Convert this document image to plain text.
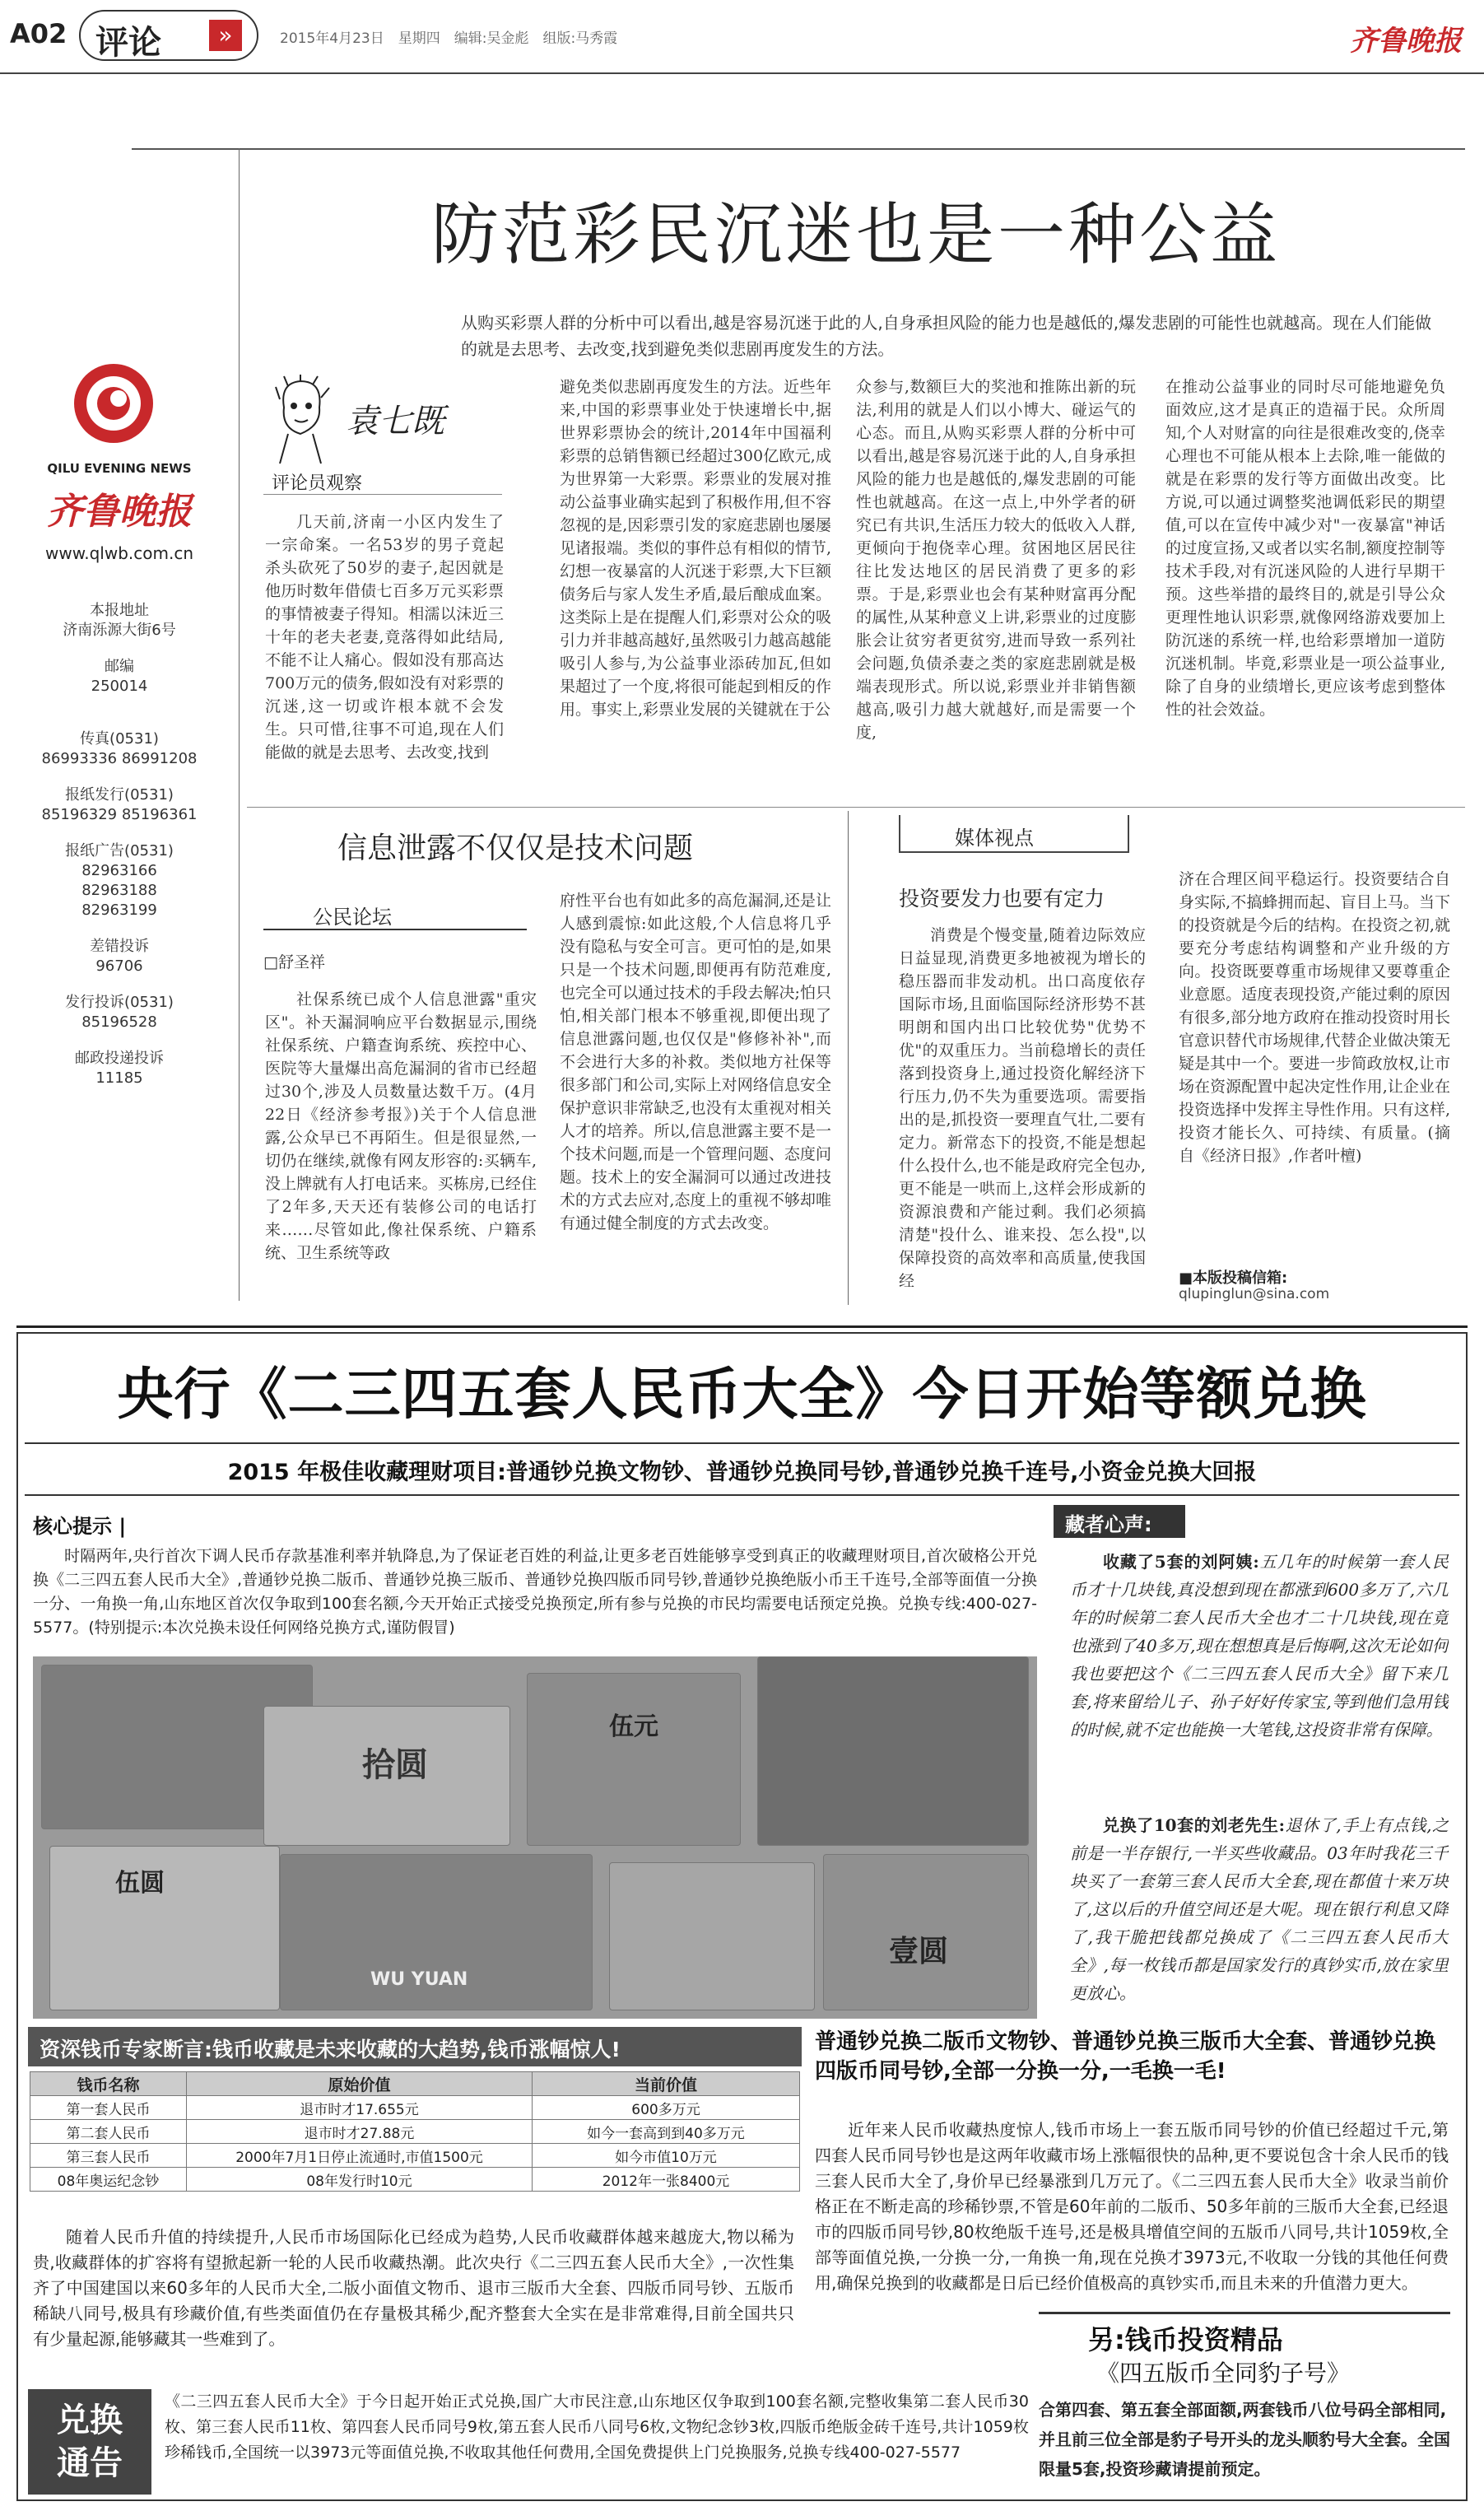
A02 评论	»	2015年4月23日　星期四　编辑:吴金彪　组版:马秀霞	齐鲁晚报
QILU EVENING NEWS
齐鲁晚报
www.qlwb.com.cn
本报地址
济南泺源大街6号
邮编
250014
传真(0531)
86993336 86991208
报纸发行(0531)
85196329 85196361
报纸广告(0531)
82963166 82963188 82963199
差错投诉
96706
发行投诉(0531)
85196528
邮政投递投诉
11185
防范彩民沉迷也是一种公益
从购买彩票人群的分析中可以看出,越是容易沉迷于此的人,自身承担风险的能力也是越低的,爆发悲剧的可能性也就越高。现在人们能做的就是去思考、去改变,找到避免类似悲剧再度发生的方法。
袁七既
评论员观察
几天前,济南一小区内发生了一宗命案。一名53岁的男子竟起杀头砍死了50岁的妻子,起因就是他历时数年借债七百多万元买彩票的事情被妻子得知。相濡以沫近三十年的老夫老妻,竟落得如此结局,不能不让人痛心。假如没有那高达700万元的债务,假如没有对彩票的沉迷,这一切或许根本就不会发生。只可惜,往事不可追,现在人们能做的就是去思考、去改变,找到
避免类似悲剧再度发生的方法。近些年来,中国的彩票事业处于快速增长中,据世界彩票协会的统计,2014年中国福利彩票的总销售额已经超过300亿欧元,成为世界第一大彩票。彩票业的发展对推动公益事业确实起到了积极作用,但不容忽视的是,因彩票引发的家庭悲剧也屡屡见诸报端。类似的事件总有相似的情节,幻想一夜暴富的人沉迷于彩票,大下巨额债务后与家人发生矛盾,最后酿成血案。这类际上是在提醒人们,彩票对公众的吸引力并非越高越好,虽然吸引力越高越能吸引人参与,为公益事业添砖加瓦,但如果超过了一个度,将很可能起到相反的作用。事实上,彩票业发展的关键就在于公
众参与,数额巨大的奖池和推陈出新的玩法,利用的就是人们以小博大、碰运气的心态。而且,从购买彩票人群的分析中可以看出,越是容易沉迷于此的人,自身承担风险的能力也是越低的,爆发悲剧的可能性也就越高。在这一点上,中外学者的研究已有共识,生活压力较大的低收入人群,更倾向于抱侥幸心理。贫困地区居民往往比发达地区的居民消费了更多的彩票。于是,彩票业也会有某种财富再分配的属性,从某种意义上讲,彩票业的过度膨胀会让贫穷者更贫穷,进而导致一系列社会问题,负债杀妻之类的家庭悲剧就是极端表现形式。所以说,彩票业并非销售额越高,吸引力越大就越好,而是需要一个度,
在推动公益事业的同时尽可能地避免负面效应,这才是真正的造福于民。众所周知,个人对财富的向往是很难改变的,侥幸心理也不可能从根本上去除,唯一能做的就是在彩票的发行等方面做出改变。比方说,可以通过调整奖池调低彩民的期望值,可以在宣传中减少对"一夜暴富"神话的过度宣扬,又或者以实名制,额度控制等技术手段,对有沉迷风险的人进行早期干预。这些举措的最终目的,就是引导公众更理性地认识彩票,就像网络游戏要加上防沉迷的系统一样,也给彩票增加一道防沉迷机制。毕竟,彩票业是一项公益事业,除了自身的业绩增长,更应该考虑到整体性的社会效益。
信息泄露不仅仅是技术问题
公民论坛
□舒圣祥
社保系统已成个人信息泄露"重灾区"。补天漏洞响应平台数据显示,围绕社保系统、户籍查询系统、疾控中心、医院等大量爆出高危漏洞的省市已经超过30个,涉及人员数量达数千万。(4月22日《经济参考报》)关于个人信息泄露,公众早已不再陌生。但是很显然,一切仍在继续,就像有网友形容的:买辆车,没上牌就有人打电话来。买栋房,已经住了2年多,天天还有装修公司的电话打来……尽管如此,像社保系统、户籍系统、卫生系统等政
府性平台也有如此多的高危漏洞,还是让人感到震惊:如此这般,个人信息将几乎没有隐私与安全可言。更可怕的是,如果只是一个技术问题,即便再有防范难度,也完全可以通过技术的手段去解决;怕只怕,相关部门根本不够重视,即便出现了信息泄露问题,也仅仅是"修修补补",而不会进行大多的补救。类似地方社保等很多部门和公司,实际上对网络信息安全保护意识非常缺乏,也没有太重视对相关人才的培养。所以,信息泄露主要不是一个技术问题,而是一个管理问题、态度问题。技术上的安全漏洞可以通过改进技术的方式去应对,态度上的重视不够却唯有通过健全制度的方式去改变。
媒体视点
投资要发力也要有定力
消费是个慢变量,随着边际效应日益显现,消费更多地被视为增长的稳压器而非发动机。出口高度依存国际市场,且面临国际经济形势不甚明朗和国内出口比较优势"优势不优"的双重压力。当前稳增长的责任落到投资身上,通过投资化解经济下行压力,仍不失为重要选项。需要指出的是,抓投资一要理直气壮,二要有定力。新常态下的投资,不能是想起什么投什么,也不能是政府完全包办,更不能是一哄而上,这样会形成新的资源浪费和产能过剩。我们必须搞清楚"投什么、谁来投、怎么投",以保障投资的高效率和高质量,使我国经
济在合理区间平稳运行。投资要结合自身实际,不搞蜂拥而起、盲目上马。当下的投资就是今后的结构。在投资之初,就要充分考虑结构调整和产业升级的方向。投资既要尊重市场规律又要尊重企业意愿。适度表现投资,产能过剩的原因有很多,部分地方政府在推动投资时用长官意识替代市场规律,代替企业做决策无疑是其中一个。要进一步简政放权,让市场在资源配置中起决定性作用,让企业在投资选择中发挥主导性作用。只有这样,投资才能长久、可持续、有质量。(摘自《经济日报》,作者叶檀)
■本版投稿信箱:
qlupinglun@sina.com
央行《二三四五套人民币大全》今日开始等额兑换
2015 年极佳收藏理财项目:普通钞兑换文物钞、普通钞兑换同号钞,普通钞兑换千连号,小资金兑换大回报
核心提示 |
时隔两年,央行首次下调人民币存款基准利率并轨降息,为了保证老百姓的利益,让更多老百姓能够享受到真正的收藏理财项目,首次破格公开兑换《二三四五套人民币大全》,普通钞兑换二版币、普通钞兑换三版币、普通钞兑换四版币同号钞,普通钞兑换绝版小币王千连号,全部等面值一分换一分、一角换一角,山东地区首次仅争取到100套名额,今天开始正式接受兑换预定,所有参与兑换的市民均需要电话预定兑换。兑换专线:400-027-5577。(特别提示:本次兑换未设任何网络兑换方式,谨防假冒)
拾圆
伍元
伍圆
WU YUAN
壹圆
藏者心声:
收藏了5套的刘阿姨:五几年的时候第一套人民币才十几块钱,真没想到现在都涨到600多万了,六几年的时候第二套人民币大全也才二十几块钱,现在竟也涨到了40多万,现在想想真是后悔啊,这次无论如何我也要把这个《二三四五套人民币大全》留下来几套,将来留给儿子、孙子好好传家宝,等到他们急用钱的时候,就不定也能换一大笔钱,这投资非常有保障。
兑换了10套的刘老先生:退休了,手上有点钱,之前是一半存银行,一半买些收藏品。03年时我花三千块买了一套第三套人民币大全套,现在都值十来万块了,这以后的升值空间还是大呢。现在银行利息又降了,我干脆把钱都兑换成了《二三四五套人民币大全》,每一枚钱币都是国家发行的真钞实币,放在家里更放心。
资深钱币专家断言:钱币收藏是未来收藏的大趋势,钱币涨幅惊人!
钱币名称	原始价值	当前价值
第一套人民币	退市时才17.655元	600多万元
第二套人民币	退市时才27.88元	如今一套高到到40多万元
第三套人民币	2000年7月1日停止流通时,市值1500元	如今市值10万元
08年奥运纪念钞	08年发行时10元	2012年一张8400元
随着人民币升值的持续提升,人民币市场国际化已经成为趋势,人民币收藏群体越来越庞大,物以稀为贵,收藏群体的扩容将有望掀起新一轮的人民币收藏热潮。此次央行《二三四五套人民币大全》,一次性集齐了中国建国以来60多年的人民币大全,二版小面值文物币、退市三版币大全套、四版币同号钞、五版币稀缺八同号,极具有珍藏价值,有些类面值仍在存量极其稀少,配齐整套大全实在是非常难得,目前全国共只有少量起源,能够藏其一些难到了。
普通钞兑换二版币文物钞、普通钞兑换三版币大全套、普通钞兑换四版币同号钞,全部一分换一分,一毛换一毛!
近年来人民币收藏热度惊人,钱币市场上一套五版币同号钞的价值已经超过千元,第四套人民币同号钞也是这两年收藏市场上涨幅很快的品种,更不要说包含十余人民币的钱三套人民币大全了,身价早已经暴涨到几万元了。《二三四五套人民币大全》收录当前价格正在不断走高的珍稀钞票,不管是60年前的二版币、50多年前的三版币大全套,已经退市的四版币同号钞,80枚绝版千连号,还是极具增值空间的五版币八同号,共计1059枚,全部等面值兑换,一分换一分,一角换一角,现在兑换才3973元,不收取一分钱的其他任何费用,确保兑换到的收藏都是日后已经价值极高的真钞实币,而且未来的升值潜力更大。
另:钱币投资精品
《四五版币全同豹子号》
合第四套、第五套全部面额,两套钱币八位号码全部相同,并且前三位全部是豹子号开头的龙头顺豹号大全套。全国限量5套,投资珍藏请提前预定。
兑换通告
《二三四五套人民币大全》于今日起开始正式兑换,国广大市民注意,山东地区仅争取到100套名额,完整收集第二套人民币30枚、第三套人民币11枚、第四套人民币同号9枚,第五套人民币八同号6枚,文物纪念钞3枚,四版币绝版金砖千连号,共计1059枚珍稀钱币,全国统一以3973元等面值兑换,不收取其他任何费用,全国免费提供上门兑换服务,兑换专线400-027-5577
